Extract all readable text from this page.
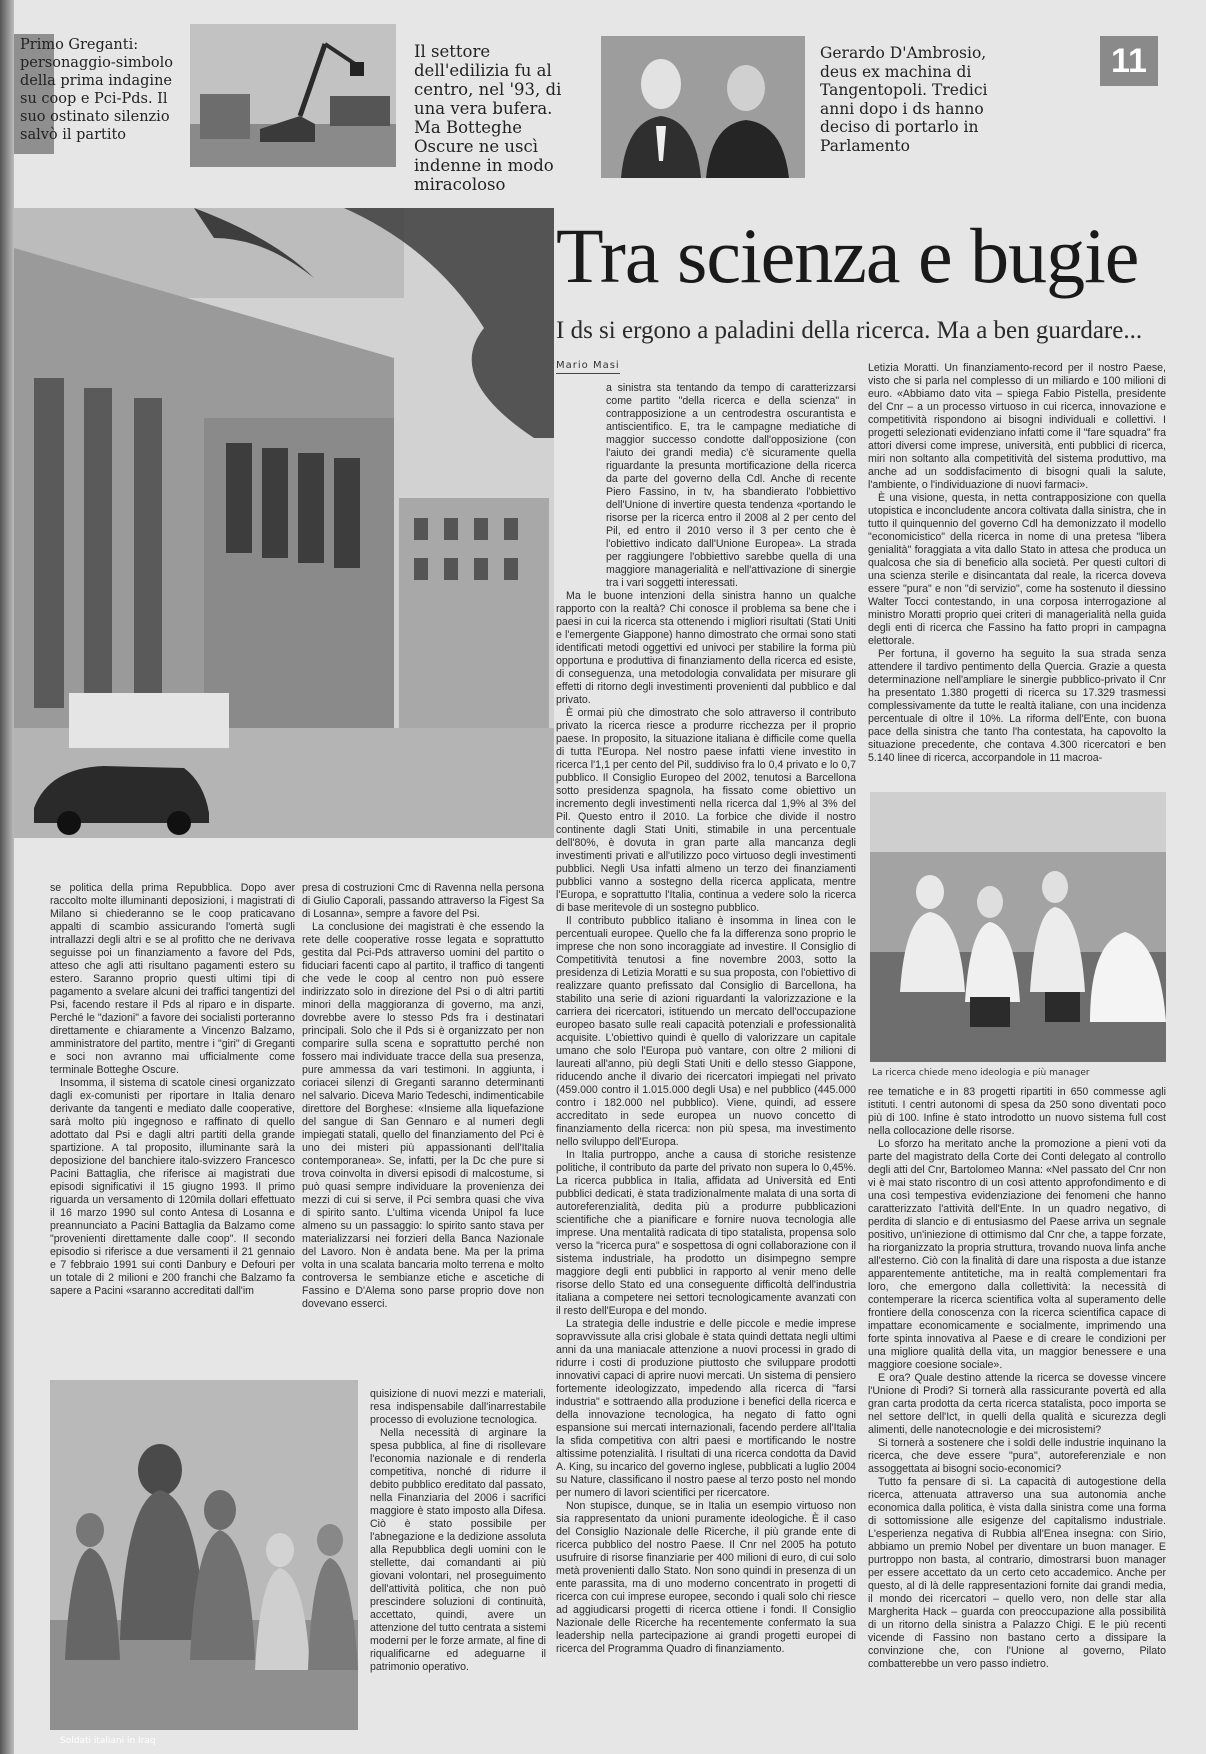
Primo Greganti: personaggio-simbolo della prima indagine su coop e Pci-Pds. Il suo ostinato silenzio salvò il partito
Il settore dell'edilizia fu al centro, nel '93, di una vera bufera. Ma Botteghe Oscure ne uscì indenne in modo miracoloso
Gerardo D'Ambrosio, deus ex machina di Tangentopoli. Tredici anni dopo i ds hanno deciso di portarlo in Parlamento
11
Tra scienza e bugie
I ds si ergono a paladini della ricerca. Ma a ben guardare...
Mario Masi

a sinistra sta tentando da tempo di caratterizzarsi come partito "della ricerca e della scienza" in contrapposizione a un centrodestra oscurantista e antiscientifico. E, tra le campagne mediatiche di maggior successo condotte dall'opposizione (con l'aiuto dei grandi media) c'è sicuramente quella riguardante la presunta mortificazione della ricerca da parte del governo della Cdl. Anche di recente Piero Fassino, in tv, ha sbandierato l'obbiettivo dell'Unione di invertire questa tendenza «portando le risorse per la ricerca entro il 2008 al 2 per cento del Pil, ed entro il 2010 verso il 3 per cento che è l'obiettivo indicato dall'Unione Europea». La strada per raggiungere l'obbiettivo sarebbe quella di una maggiore managerialità e nell'attivazione di sinergie tra i vari soggetti interessati.

Ma le buone intenzioni della sinistra hanno un qualche rapporto con la realtà? Chi conosce il problema sa bene che i paesi in cui la ricerca sta ottenendo i migliori risultati (Stati Uniti e l'emergente Giappone) hanno dimostrato che ormai sono stati identificati metodi oggettivi ed univoci per stabilire la forma più opportuna e produttiva di finanziamento della ricerca ed esiste, di conseguenza, una metodologia convalidata per misurare gli effetti di ritorno degli investimenti provenienti dal pubblico e dal privato.

È ormai più che dimostrato che solo attraverso il contributo privato la ricerca riesce a produrre ricchezza per il proprio paese. In proposito, la situazione italiana è difficile come quella di tutta l'Europa. Nel nostro paese infatti viene investito in ricerca l'1,1 per cento del Pil, suddiviso fra lo 0,4 privato e lo 0,7 pubblico. Il Consiglio Europeo del 2002, tenutosi a Barcellona sotto presidenza spagnola, ha fissato come obiettivo un incremento degli investimenti nella ricerca dal 1,9% al 3% del Pil. Questo entro il 2010. La forbice che divide il nostro continente dagli Stati Uniti, stimabile in una percentuale dell'80%, è dovuta in gran parte alla mancanza degli investimenti privati e all'utilizzo poco virtuoso degli investimenti pubblici. Negli Usa infatti almeno un terzo dei finanziamenti pubblici vanno a sostegno della ricerca applicata, mentre l'Europa, e soprattutto l'Italia, continua a vedere solo la ricerca di base meritevole di un sostegno pubblico.

Il contributo pubblico italiano è insomma in linea con le percentuali europee. Quello che fa la differenza sono proprio le imprese che non sono incoraggiate ad investire. Il Consiglio di Competitività tenutosi a fine novembre 2003, sotto la presidenza di Letizia Moratti e su sua proposta, con l'obiettivo di realizzare quanto prefissato dal Consiglio di Barcellona, ha stabilito una serie di azioni riguardanti la valorizzazione e la carriera dei ricercatori, istituendo un mercato dell'occupazione europeo basato sulle reali capacità potenziali e professionalità acquisite. L'obiettivo quindi è quello di valorizzare un capitale umano che solo l'Europa può vantare, con oltre 2 milioni di laureati all'anno, più degli Stati Uniti e dello stesso Giappone, riducendo anche il divario dei ricercatori impiegati nel privato (459.000 contro il 1.015.000 degli Usa) e nel pubblico (445.000 contro i 182.000 nel pubblico). Viene, quindi, ad essere accreditato in sede europea un nuovo concetto di finanziamento della ricerca: non più spesa, ma investimento nello sviluppo dell'Europa.

In Italia purtroppo, anche a causa di storiche resistenze politiche, il contributo da parte del privato non supera lo 0,45%. La ricerca pubblica in Italia, affidata ad Università ed Enti pubblici dedicati, è stata tradizionalmente malata di una sorta di autoreferenzialità, dedita più a produrre pubblicazioni scientifiche che a pianificare e fornire nuova tecnologia alle imprese. Una mentalità radicata di tipo statalista, propensa solo verso la "ricerca pura" e sospettosa di ogni collaborazione con il sistema industriale, ha prodotto un disimpegno sempre maggiore degli enti pubblici in rapporto al venir meno delle risorse dello Stato ed una conseguente difficoltà dell'industria italiana a competere nei settori tecnologicamente avanzati con il resto dell'Europa e del mondo.

La strategia delle industrie e delle piccole e medie imprese sopravvissute alla crisi globale è stata quindi dettata negli ultimi anni da una maniacale attenzione a nuovi processi in grado di ridurre i costi di produzione piuttosto che sviluppare prodotti innovativi capaci di aprire nuovi mercati. Un sistema di pensiero fortemente ideologizzato, impedendo alla ricerca di "farsi industria" e sottraendo alla produzione i benefici della ricerca e della innovazione tecnologica, ha negato di fatto ogni espansione sui mercati internazionali, facendo perdere all'Italia la sfida competitiva con altri paesi e mortificando le nostre altissime potenzialità. I risultati di una ricerca condotta da David A. King, su incarico del governo inglese, pubblicati a luglio 2004 su Nature, classificano il nostro paese al terzo posto nel mondo per numero di lavori scientifici per ricercatore.

Non stupisce, dunque, se in Italia un esempio virtuoso non sia rappresentato da unioni puramente ideologiche. È il caso del Consiglio Nazionale delle Ricerche, il più grande ente di ricerca pubblico del nostro Paese. Il Cnr nel 2005 ha potuto usufruire di risorse finanziarie per 400 milioni di euro, di cui solo metà provenienti dallo Stato. Non sono quindi in presenza di un ente parassita, ma di uno moderno concentrato in progetti di ricerca con cui imprese europee, secondo i quali solo chi riesce ad aggiudicarsi progetti di ricerca ottiene i fondi. Il Consiglio Nazionale delle Ricerche ha recentemente confermato la sua leadership nella partecipazione ai grandi progetti europei di ricerca del Programma Quadro di finanziamento.

Letizia Moratti. Un finanziamento-record per il nostro Paese, visto che si parla nel complesso di un miliardo e 100 milioni di euro. «Abbiamo dato vita – spiega Fabio Pistella, presidente del Cnr – a un processo virtuoso in cui ricerca, innovazione e competitività rispondono ai bisogni individuali e collettivi. I progetti selezionati evidenziano infatti come il "fare squadra" fra attori diversi come imprese, università, enti pubblici di ricerca, miri non soltanto alla competitività del sistema produttivo, ma anche ad un soddisfacimento di bisogni quali la salute, l'ambiente, o l'individuazione di nuovi farmaci».

È una visione, questa, in netta contrapposizione con quella utopistica e inconcludente ancora coltivata dalla sinistra, che in tutto il quinquennio del governo Cdl ha demonizzato il modello "economicistico" della ricerca in nome di una pretesa "libera genialità" foraggiata a vita dallo Stato in attesa che produca un qualcosa che sia di beneficio alla società. Per questi cultori di una scienza sterile e disincantata dal reale, la ricerca doveva essere "pura" e non "di servizio", come ha sostenuto il diessino Walter Tocci contestando, in una corposa interrogazione al ministro Moratti proprio quei criteri di managerialità nella guida degli enti di ricerca che Fassino ha fatto propri in campagna elettorale.

Per fortuna, il governo ha seguito la sua strada senza attendere il tardivo pentimento della Quercia. Grazie a questa determinazione nell'ampliare le sinergie pubblico-privato il Cnr ha presentato 1.380 progetti di ricerca su 17.329 trasmessi complessivamente da tutte le realtà italiane, con una incidenza percentuale di oltre il 10%. La riforma dell'Ente, con buona pace della sinistra che tanto l'ha contestata, ha capovolto la situazione precedente, che contava 4.300 ricercatori e ben 5.140 linee di ricerca, accorpandole in 11 macroa-

La ricerca chiede meno ideologia e più manager

ree tematiche e in 83 progetti ripartiti in 650 commesse agli istituti. I centri autonomi di spesa da 250 sono diventati poco più di 100. Infine è stato introdotto un nuovo sistema full cost nella collocazione delle risorse.

Lo sforzo ha meritato anche la promozione a pieni voti da parte del magistrato della Corte dei Conti delegato al controllo degli atti del Cnr, Bartolomeo Manna: «Nel passato del Cnr non vi è mai stato riscontro di un così attento approfondimento e di una così tempestiva evidenziazione dei fenomeni che hanno caratterizzato l'attività dell'Ente. In un quadro negativo, di perdita di slancio e di entusiasmo del Paese arriva un segnale positivo, un'iniezione di ottimismo dal Cnr che, a tappe forzate, ha riorganizzato la propria struttura, trovando nuova linfa anche all'esterno. Ciò con la finalità di dare una risposta a due istanze apparentemente antitetiche, ma in realtà complementari fra loro, che emergono dalla collettività: la necessità di contemperare la ricerca scientifica volta al superamento delle frontiere della conoscenza con la ricerca scientifica capace di impattare economicamente e socialmente, imprimendo una forte spinta innovativa al Paese e di creare le condizioni per una migliore qualità della vita, un maggior benessere e una maggiore coesione sociale».

E ora? Quale destino attende la ricerca se dovesse vincere l'Unione di Prodi? Si tornerà alla rassicurante povertà ed alla gran carta prodotta da certa ricerca statalista, poco importa se nel settore dell'Ict, in quelli della qualità e sicurezza degli alimenti, delle nanotecnologie e dei microsistemi?

Si tornerà a sostenere che i soldi delle industrie inquinano la ricerca, che deve essere "pura", autoreferenziale e non assoggettata ai bisogni socio-economici?

Tutto fa pensare di sì. La capacità di autogestione della ricerca, attenuata attraverso una sua autonomia anche economica dalla politica, è vista dalla sinistra come una forma di sottomissione alle esigenze del capitalismo industriale. L'esperienza negativa di Rubbia all'Enea insegna: con Sirio, abbiamo un premio Nobel per diventare un buon manager. E purtroppo non basta, al contrario, dimostrarsi buon manager per essere accettato da un certo ceto accademico. Anche per questo, al di là delle rappresentazioni fornite dai grandi media, il mondo dei ricercatori – quello vero, non delle star alla Margherita Hack – guarda con preoccupazione alla possibilità di un ritorno della sinistra a Palazzo Chigi. E le più recenti vicende di Fassino non bastano certo a dissipare la convinzione che, con l'Unione al governo, Pilato combatterebbe un vero passo indietro.

se politica della prima Repubblica. Dopo aver raccolto molte illuminanti deposizioni, i magistrati di Milano si chiederanno se le coop praticavano appalti di scambio assicurando l'omertà sugli intrallazzi degli altri e se al profitto che ne derivava seguisse poi un finanziamento a favore del Pds, atteso che agli atti risultano pagamenti estero su estero. Saranno proprio questi ultimi tipi di pagamento a svelare alcuni dei traffici tangentizi del Psi, facendo restare il Pds al riparo e in disparte. Perché le "dazioni" a favore dei socialisti porteranno direttamente e chiaramente a Vincenzo Balzamo, amministratore del partito, mentre i "giri" di Greganti e soci non avranno mai ufficialmente come terminale Botteghe Oscure.

Insomma, il sistema di scatole cinesi organizzato dagli ex-comunisti per riportare in Italia denaro derivante da tangenti e mediato dalle cooperative, sarà molto più ingegnoso e raffinato di quello adottato dal Psi e dagli altri partiti della grande spartizione. A tal proposito, illuminante sarà la deposizione del banchiere italo-svizzero Francesco Pacini Battaglia, che riferisce ai magistrati due episodi significativi il 15 giugno 1993. Il primo riguarda un versamento di 120mila dollari effettuato il 16 marzo 1990 sul conto Antesa di Losanna e preannunciato a Pacini Battaglia da Balzamo come "provenienti direttamente dalle coop". Il secondo episodio si riferisce a due versamenti il 21 gennaio e 7 febbraio 1991 sui conti Danbury e Defouri per un totale di 2 milioni e 200 franchi che Balzamo fa sapere a Pacini «saranno accreditati dall'im

presa di costruzioni Cmc di Ravenna nella persona di Giulio Caporali, passando attraverso la Figest Sa di Losanna», sempre a favore del Psi.

La conclusione dei magistrati è che essendo la rete delle cooperative rosse legata e soprattutto gestita dal Pci-Pds attraverso uomini del partito o fiduciari facenti capo al partito, il traffico di tangenti che vede le coop al centro non può essere indirizzato solo in direzione del Psi o di altri partiti minori della maggioranza di governo, ma anzi, dovrebbe avere lo stesso Pds fra i destinatari principali. Solo che il Pds si è organizzato per non comparire sulla scena e soprattutto perché non fossero mai individuate tracce della sua presenza, pure ammessa da vari testimoni. In aggiunta, i coriacei silenzi di Greganti saranno determinanti nel salvario. Diceva Mario Tedeschi, indimenticabile direttore del Borghese: «Insieme alla liquefazione del sangue di San Gennaro e al numeri degli impiegati statali, quello del finanziamento del Pci è uno dei misteri più appassionanti dell'Italia contemporanea». Se, infatti, per la Dc che pure si trova coinvolta in diversi episodi di malcostume, si può quasi sempre individuare la provenienza dei mezzi di cui si serve, il Pci sembra quasi che viva di spirito santo. L'ultima vicenda Unipol fa luce almeno su un passaggio: lo spirito santo stava per materializzarsi nei forzieri della Banca Nazionale del Lavoro. Non è andata bene. Ma per la prima volta in una scalata bancaria molto terrena e molto controversa le sembianze etiche e ascetiche di Fassino e D'Alema sono parse proprio dove non dovevano esserci.

Soldati italiani in Iraq

quisizione di nuovi mezzi e materiali, resa indispensabile dall'inarrestabile processo di evoluzione tecnologica.

Nella necessità di arginare la spesa pubblica, al fine di risollevare l'economia nazionale e di renderla competitiva, nonché di ridurre il debito pubblico ereditato dal passato, nella Finanziaria del 2006 i sacrifici maggiore è stato imposto alla Difesa. Ciò è stato possibile per l'abnegazione e la dedizione assoluta alla Repubblica degli uomini con le stellette, dai comandanti ai più giovani volontari, nel proseguimento dell'attività politica, che non può prescindere soluzioni di continuità, accettato, quindi, avere un attenzione del tutto centrata a sistemi moderni per le forze armate, al fine di riqualificarne ed adeguarne il patrimonio operativo.
